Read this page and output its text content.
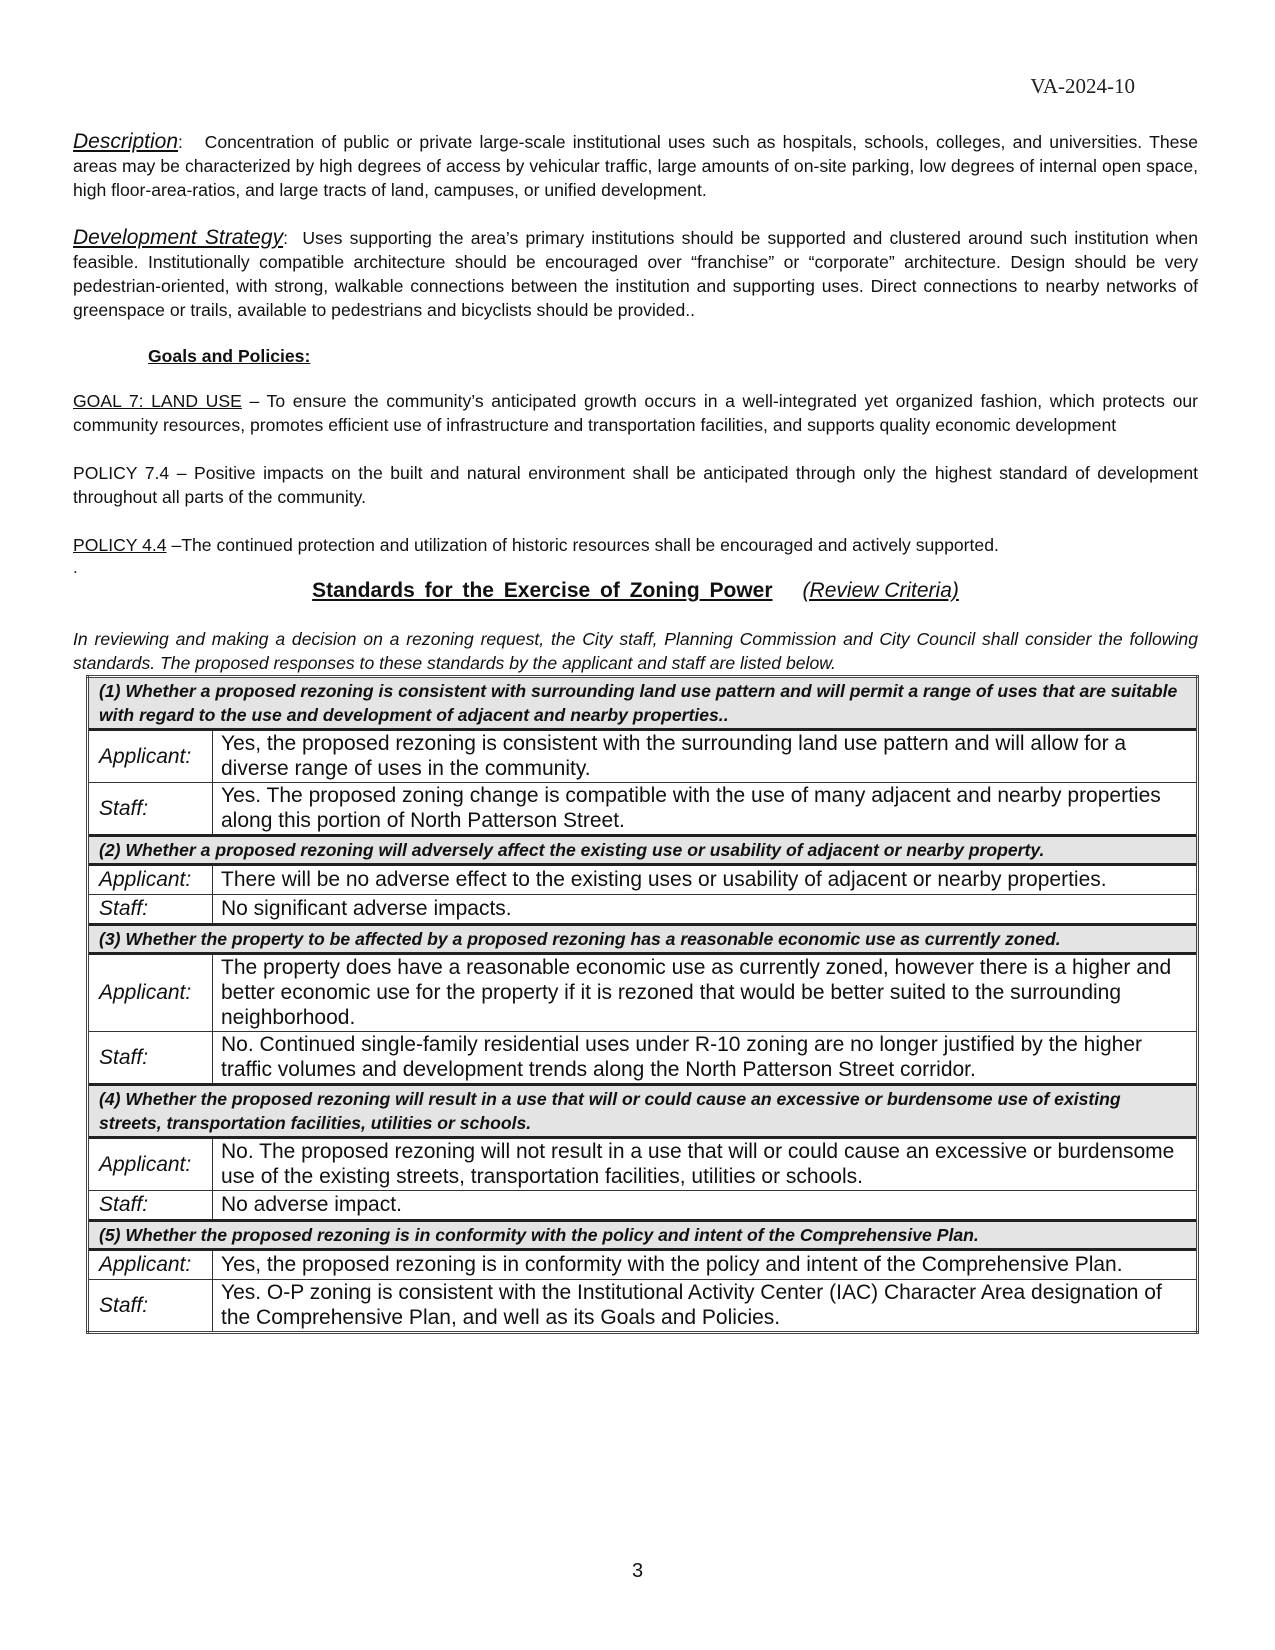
VA-2024-10

Description: Concentration of public or private large-scale institutional uses such as hospitals, schools, colleges, and universities. These areas may be characterized by high degrees of access by vehicular traffic, large amounts of on-site parking, low degrees of internal open space, high floor-area-ratios, and large tracts of land, campuses, or unified development.

Development Strategy: Uses supporting the area’s primary institutions should be supported and clustered around such institution when feasible. Institutionally compatible architecture should be encouraged over “franchise” or “corporate” architecture. Design should be very pedestrian-oriented, with strong, walkable connections between the institution and supporting uses. Direct connections to nearby networks of greenspace or trails, available to pedestrians and bicyclists should be provided..

Goals and Policies:

GOAL 7: LAND USE – To ensure the community’s anticipated growth occurs in a well-integrated yet organized fashion, which protects our community resources, promotes efficient use of infrastructure and transportation facilities, and supports quality economic development

POLICY 7.4 – Positive impacts on the built and natural environment shall be anticipated through only the highest standard of development throughout all parts of the community.

POLICY 4.4 –The continued protection and utilization of historic resources shall be encouraged and actively supported.

.
Standards for the Exercise of Zoning Power (Review Criteria)

In reviewing and making a decision on a rezoning request, the City staff, Planning Commission and City Council shall consider the following standards. The proposed responses to these standards by the applicant and staff are listed below.

(1) Whether a proposed rezoning is consistent with surrounding land use pattern and will permit a range of uses that are suitable with regard to the use and development of adjacent and nearby properties..	
Applicant:	Yes, the proposed rezoning is consistent with the surrounding land use pattern and will allow for a diverse range of uses in the community.
Staff:	Yes. The proposed zoning change is compatible with the use of many adjacent and nearby properties along this portion of North Patterson Street.
(2) Whether a proposed rezoning will adversely affect the existing use or usability of adjacent or nearby property.	
Applicant:	There will be no adverse effect to the existing uses or usability of adjacent or nearby properties.
Staff:	No significant adverse impacts.
(3) Whether the property to be affected by a proposed rezoning has a reasonable economic use as currently zoned.	
Applicant:	The property does have a reasonable economic use as currently zoned, however there is a higher and better economic use for the property if it is rezoned that would be better suited to the surrounding neighborhood.
Staff:	No. Continued single-family residential uses under R-10 zoning are no longer justified by the higher traffic volumes and development trends along the North Patterson Street corridor.
(4) Whether the proposed rezoning will result in a use that will or could cause an excessive or burdensome use of existing streets, transportation facilities, utilities or schools.	
Applicant:	No. The proposed rezoning will not result in a use that will or could cause an excessive or burdensome use of the existing streets, transportation facilities, utilities or schools.
Staff:	No adverse impact.
(5) Whether the proposed rezoning is in conformity with the policy and intent of the Comprehensive Plan.	
Applicant:	Yes, the proposed rezoning is in conformity with the policy and intent of the Comprehensive Plan.
Staff:	Yes. O-P zoning is consistent with the Institutional Activity Center (IAC) Character Area designation of the Comprehensive Plan, and well as its Goals and Policies.
3
